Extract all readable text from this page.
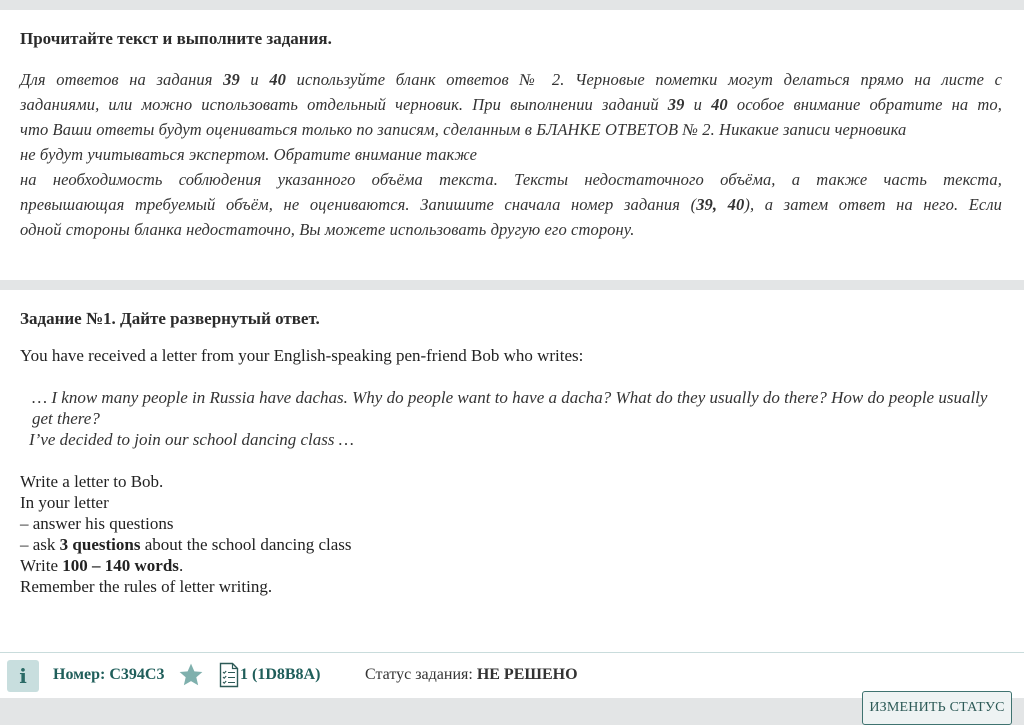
Прочитайте текст и выполните задания.
Для ответов на задания 39 и 40 используйте бланк ответов № 2. Черновые пометки могут делаться прямо на листе с
заданиями, или можно использовать отдельный черновик. При выполнении заданий 39 и 40 особое внимание обратите на то,
что Ваши ответы будут оцениваться только по записям, сделанным в БЛАНКЕ ОТВЕТОВ № 2. Никакие записи черновика
не будут учитываться экспертом. Обратите внимание также
на необходимость соблюдения указанного объёма текста. Тексты недостаточного объёма, а также часть текста,
превышающая требуемый объём, не оцениваются. Запишите сначала номер задания (39, 40), а затем ответ на него. Если
одной стороны бланка недостаточно, Вы можете использовать другую его сторону.
Задание №1. Дайте развернутый ответ.

You have received a letter from your English-speaking pen-friend Bob who writes:

… I know many people in Russia have dachas. Why do people want to have a dacha? What do they usually do there? How do people usually get there?
I’ve decided to join our school dancing class …
Write a letter to Bob.
In your letter
– answer his questions
– ask 3 questions about the school dancing class
Write 100 – 140 words.
Remember the rules of letter writing.
i	Номер: C394C3	1 (1D8B8A)	Статус задания: НЕ РЕШЕНО
ИЗМЕНИТЬ СТАТУС
